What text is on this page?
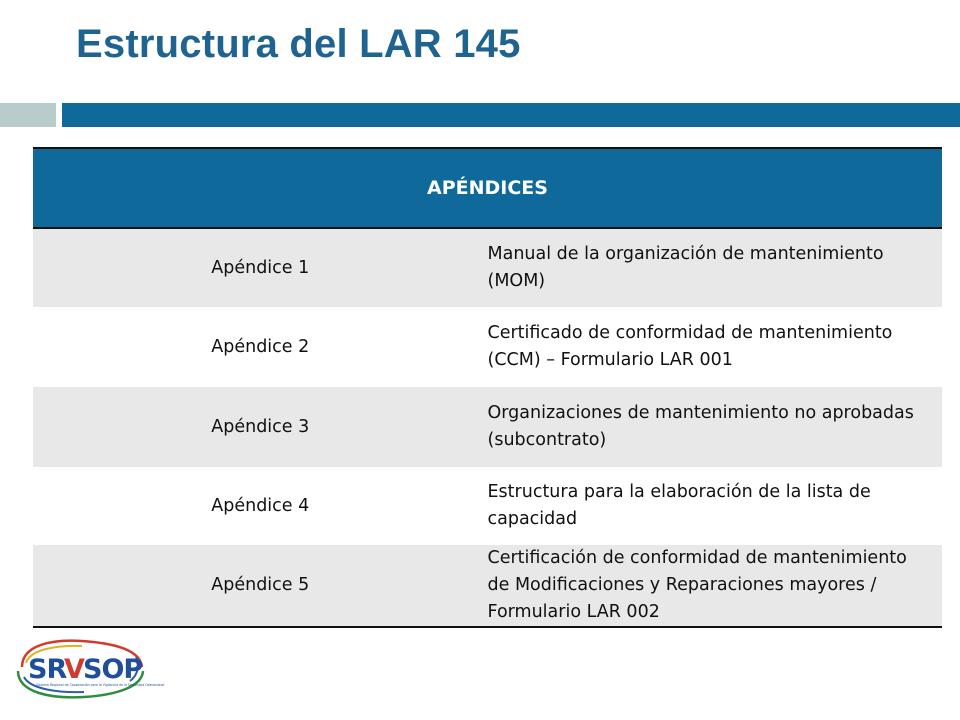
Estructura del LAR 145
APÉNDICES	
Apéndice 1	Manual de la organización de mantenimiento (MOM)
Apéndice 2	Certificado de conformidad de mantenimiento (CCM) – Formulario LAR 001
Apéndice 3	Organizaciones de mantenimiento no aprobadas (subcontrato)
Apéndice 4	Estructura para la elaboración de la lista de capacidad
Apéndice 5	Certificación de conformidad de mantenimiento de Modificaciones y Reparaciones mayores / Formulario LAR 002
SR
V
SOP
Sistema Regional de Cooperación para la Vigilancia de la Seguridad Operacional
